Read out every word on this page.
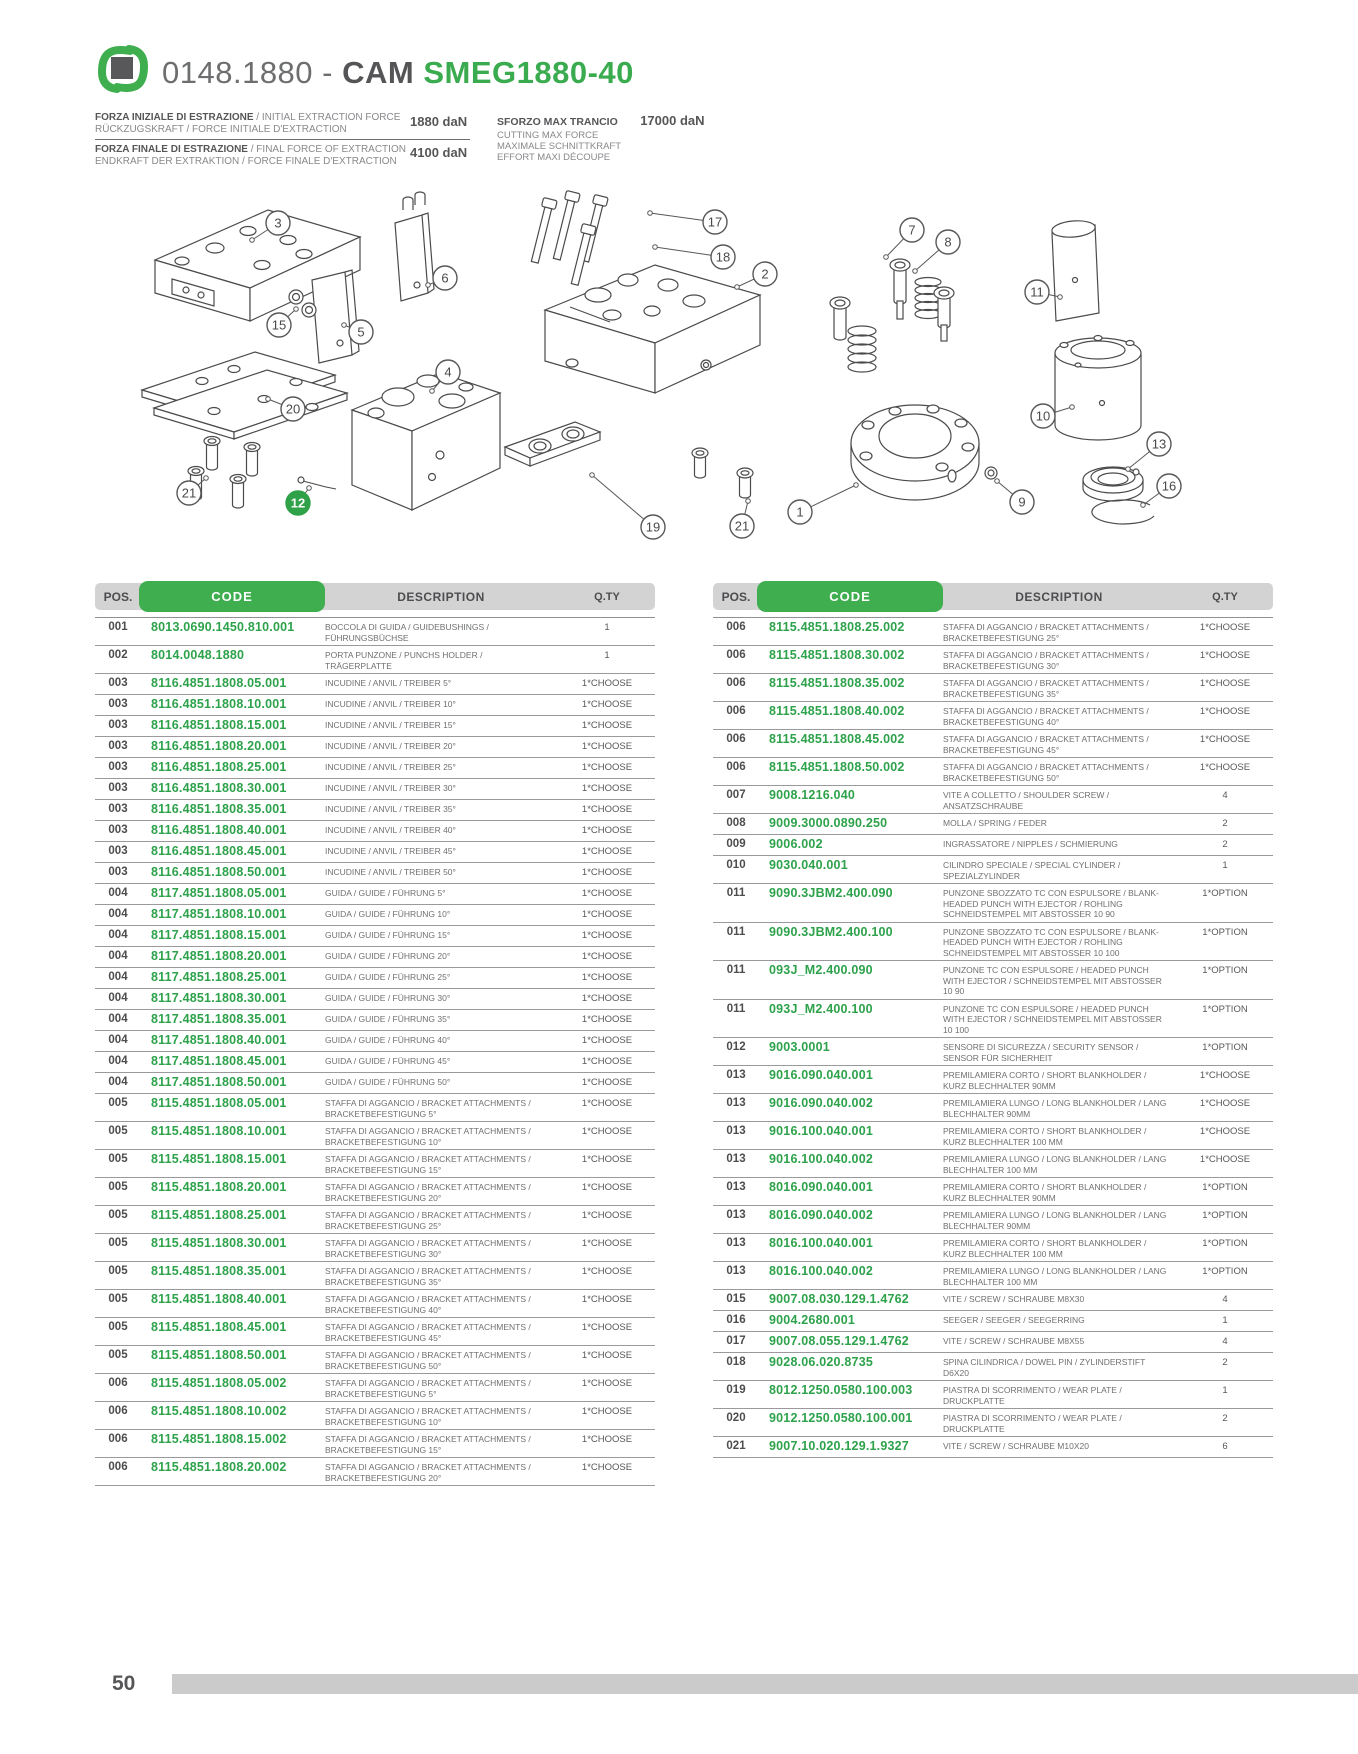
0148.1880 - CAM SMEG1880-40
FORZA INIZIALE DI ESTRAZIONE / INITIAL EXTRACTION FORCE
RÜCKZUGSKRAFT / FORCE INITIALE D'EXTRACTION
FORZA FINALE DI ESTRAZIONE / FINAL FORCE OF EXTRACTION
ENDKRAFT DER EXTRAKTION / FORCE FINALE D'EXTRACTION
1880 daN
4100 daN
SFORZO MAX TRANCIO 17000 daN
CUTTING MAX FORCE
MAXIMALE SCHNITTKRAFT
EFFORT MAXI DÉCOUPE
3
6
17
18
2
7
8
11
15	5
4
20	10
13
16
21
12	9
19	21
1
POS.	CODE	DESCRIPTION	Q.TY
001	8013.0690.1450.810.001	BOCCOLA DI GUIDA / GUIDEBUSHINGS / FÜHRUNGSBÜCHSE
1
002	8014.0048.1880	PORTA PUNZONE / PUNCHS HOLDER / TRÄGERPLATTE
1
003	8116.4851.1808.05.001	INCUDINE / ANVIL / TREIBER 5°	1*CHOOSE
003	8116.4851.1808.10.001	INCUDINE / ANVIL / TREIBER 10°	1*CHOOSE
003	8116.4851.1808.15.001	INCUDINE / ANVIL / TREIBER 15°	1*CHOOSE
003	8116.4851.1808.20.001	INCUDINE / ANVIL / TREIBER 20°	1*CHOOSE
003	8116.4851.1808.25.001	INCUDINE / ANVIL / TREIBER 25°	1*CHOOSE
003	8116.4851.1808.30.001	INCUDINE / ANVIL / TREIBER 30°	1*CHOOSE
003	8116.4851.1808.35.001	INCUDINE / ANVIL / TREIBER 35°	1*CHOOSE
003	8116.4851.1808.40.001	INCUDINE / ANVIL / TREIBER 40°	1*CHOOSE
003	8116.4851.1808.45.001	INCUDINE / ANVIL / TREIBER 45°	1*CHOOSE
003	8116.4851.1808.50.001	INCUDINE / ANVIL / TREIBER 50°	1*CHOOSE
004	8117.4851.1808.05.001	GUIDA / GUIDE / FÜHRUNG 5°	1*CHOOSE
004	8117.4851.1808.10.001	GUIDA / GUIDE / FÜHRUNG 10°	1*CHOOSE
004	8117.4851.1808.15.001	GUIDA / GUIDE / FÜHRUNG 15°	1*CHOOSE
004	8117.4851.1808.20.001	GUIDA / GUIDE / FÜHRUNG 20°	1*CHOOSE
004	8117.4851.1808.25.001	GUIDA / GUIDE / FÜHRUNG 25°	1*CHOOSE
004	8117.4851.1808.30.001	GUIDA / GUIDE / FÜHRUNG 30°	1*CHOOSE
004	8117.4851.1808.35.001	GUIDA / GUIDE / FÜHRUNG 35°	1*CHOOSE
004	8117.4851.1808.40.001	GUIDA / GUIDE / FÜHRUNG 40°	1*CHOOSE
004	8117.4851.1808.45.001	GUIDA / GUIDE / FÜHRUNG 45°	1*CHOOSE
004	8117.4851.1808.50.001	GUIDA / GUIDE / FÜHRUNG 50°	1*CHOOSE
005	8115.4851.1808.05.001	STAFFA DI AGGANCIO / BRACKET ATTACHMENTS / BRACKETBEFESTIGUNG 5°
1*CHOOSE
005	8115.4851.1808.10.001	STAFFA DI AGGANCIO / BRACKET ATTACHMENTS / BRACKETBEFESTIGUNG 10°
1*CHOOSE
005	8115.4851.1808.15.001	STAFFA DI AGGANCIO / BRACKET ATTACHMENTS / BRACKETBEFESTIGUNG 15°
1*CHOOSE
005	8115.4851.1808.20.001	STAFFA DI AGGANCIO / BRACKET ATTACHMENTS / BRACKETBEFESTIGUNG 20°
1*CHOOSE
005	8115.4851.1808.25.001	STAFFA DI AGGANCIO / BRACKET ATTACHMENTS / BRACKETBEFESTIGUNG 25°
1*CHOOSE
005	8115.4851.1808.30.001	STAFFA DI AGGANCIO / BRACKET ATTACHMENTS / BRACKETBEFESTIGUNG 30°
1*CHOOSE
005	8115.4851.1808.35.001	STAFFA DI AGGANCIO / BRACKET ATTACHMENTS / BRACKETBEFESTIGUNG 35°
1*CHOOSE
005	8115.4851.1808.40.001	STAFFA DI AGGANCIO / BRACKET ATTACHMENTS / BRACKETBEFESTIGUNG 40°
1*CHOOSE
005	8115.4851.1808.45.001	STAFFA DI AGGANCIO / BRACKET ATTACHMENTS / BRACKETBEFESTIGUNG 45°
1*CHOOSE
005	8115.4851.1808.50.001	STAFFA DI AGGANCIO / BRACKET ATTACHMENTS / BRACKETBEFESTIGUNG 50°
1*CHOOSE
006	8115.4851.1808.05.002	STAFFA DI AGGANCIO / BRACKET ATTACHMENTS / BRACKETBEFESTIGUNG 5°
1*CHOOSE
006	8115.4851.1808.10.002	STAFFA DI AGGANCIO / BRACKET ATTACHMENTS / BRACKETBEFESTIGUNG 10°
1*CHOOSE
006	8115.4851.1808.15.002	STAFFA DI AGGANCIO / BRACKET ATTACHMENTS / BRACKETBEFESTIGUNG 15°
1*CHOOSE
006	8115.4851.1808.20.002	STAFFA DI AGGANCIO / BRACKET ATTACHMENTS / BRACKETBEFESTIGUNG 20°
1*CHOOSE
POS.	CODE	DESCRIPTION	Q.TY
006	8115.4851.1808.25.002	STAFFA DI AGGANCIO / BRACKET ATTACHMENTS / BRACKETBEFESTIGUNG 25°
1*CHOOSE
006	8115.4851.1808.30.002	STAFFA DI AGGANCIO / BRACKET ATTACHMENTS / BRACKETBEFESTIGUNG 30°
1*CHOOSE
006	8115.4851.1808.35.002	STAFFA DI AGGANCIO / BRACKET ATTACHMENTS / BRACKETBEFESTIGUNG 35°
1*CHOOSE
006	8115.4851.1808.40.002	STAFFA DI AGGANCIO / BRACKET ATTACHMENTS / BRACKETBEFESTIGUNG 40°
1*CHOOSE
006	8115.4851.1808.45.002	STAFFA DI AGGANCIO / BRACKET ATTACHMENTS / BRACKETBEFESTIGUNG 45°
1*CHOOSE
006	8115.4851.1808.50.002	STAFFA DI AGGANCIO / BRACKET ATTACHMENTS / BRACKETBEFESTIGUNG 50°
1*CHOOSE
007	9008.1216.040	VITE A COLLETTO / SHOULDER SCREW / ANSATZSCHRAUBE
4
008	9009.3000.0890.250	MOLLA / SPRING / FEDER	2
009	9006.002	INGRASSATORE / NIPPLES / SCHMIERUNG	2
010	9030.040.001	CILINDRO SPECIALE / SPECIAL CYLINDER / SPEZIALZYLINDER
1
011	9090.3JBM2.400.090	PUNZONE SBOZZATO TC CON ESPULSORE / BLANK-HEADED PUNCH WITH EJECTOR / ROHLING SCHNEIDSTEMPEL MIT ABSTOSSER 10 90
1*OPTION
011	9090.3JBM2.400.100	PUNZONE SBOZZATO TC CON ESPULSORE / BLANK-HEADED PUNCH WITH EJECTOR / ROHLING SCHNEIDSTEMPEL MIT ABSTOSSER 10 100
1*OPTION
011	093J_M2.400.090	PUNZONE TC CON ESPULSORE / HEADED PUNCH WITH EJECTOR / SCHNEIDSTEMPEL MIT ABSTOSSER 10 90
1*OPTION
011	093J_M2.400.100	PUNZONE TC CON ESPULSORE / HEADED PUNCH WITH EJECTOR / SCHNEIDSTEMPEL MIT ABSTOSSER 10 100
1*OPTION
012	9003.0001	SENSORE DI SICUREZZA / SECURITY SENSOR / SENSOR FÜR SICHERHEIT
1*OPTION
013	9016.090.040.001	PREMILAMIERA CORTO / SHORT BLANKHOLDER / KURZ BLECHHALTER 90MM
1*CHOOSE
013	9016.090.040.002	PREMILAMIERA LUNGO / LONG BLANKHOLDER / LANG BLECHHALTER 90MM
1*CHOOSE
013	9016.100.040.001	PREMILAMIERA CORTO / SHORT BLANKHOLDER / KURZ BLECHHALTER 100 MM
1*CHOOSE
013	9016.100.040.002	PREMILAMIERA LUNGO / LONG BLANKHOLDER / LANG BLECHHALTER 100 MM
1*CHOOSE
013	8016.090.040.001	PREMILAMIERA CORTO / SHORT BLANKHOLDER / KURZ BLECHHALTER 90MM
1*OPTION
013	8016.090.040.002	PREMILAMIERA LUNGO / LONG BLANKHOLDER / LANG BLECHHALTER 90MM
1*OPTION
013	8016.100.040.001	PREMILAMIERA CORTO / SHORT BLANKHOLDER / KURZ BLECHHALTER 100 MM
1*OPTION
013	8016.100.040.002	PREMILAMIERA LUNGO / LONG BLANKHOLDER / LANG BLECHHALTER 100 MM
1*OPTION
015	9007.08.030.129.1.4762	VITE / SCREW / SCHRAUBE M8X30	4
016	9004.2680.001	SEEGER / SEEGER / SEEGERRING	1
017	9007.08.055.129.1.4762	VITE / SCREW / SCHRAUBE M8X55	4
018	9028.06.020.8735	SPINA CILINDRICA / DOWEL PIN / ZYLINDERSTIFT D6X20
2
019	8012.1250.0580.100.003	PIASTRA DI SCORRIMENTO / WEAR PLATE / DRUCKPLATTE
1
020	9012.1250.0580.100.001	PIASTRA DI SCORRIMENTO / WEAR PLATE / DRUCKPLATTE
2
021	9007.10.020.129.1.9327	VITE / SCREW / SCHRAUBE M10X20	6
50
